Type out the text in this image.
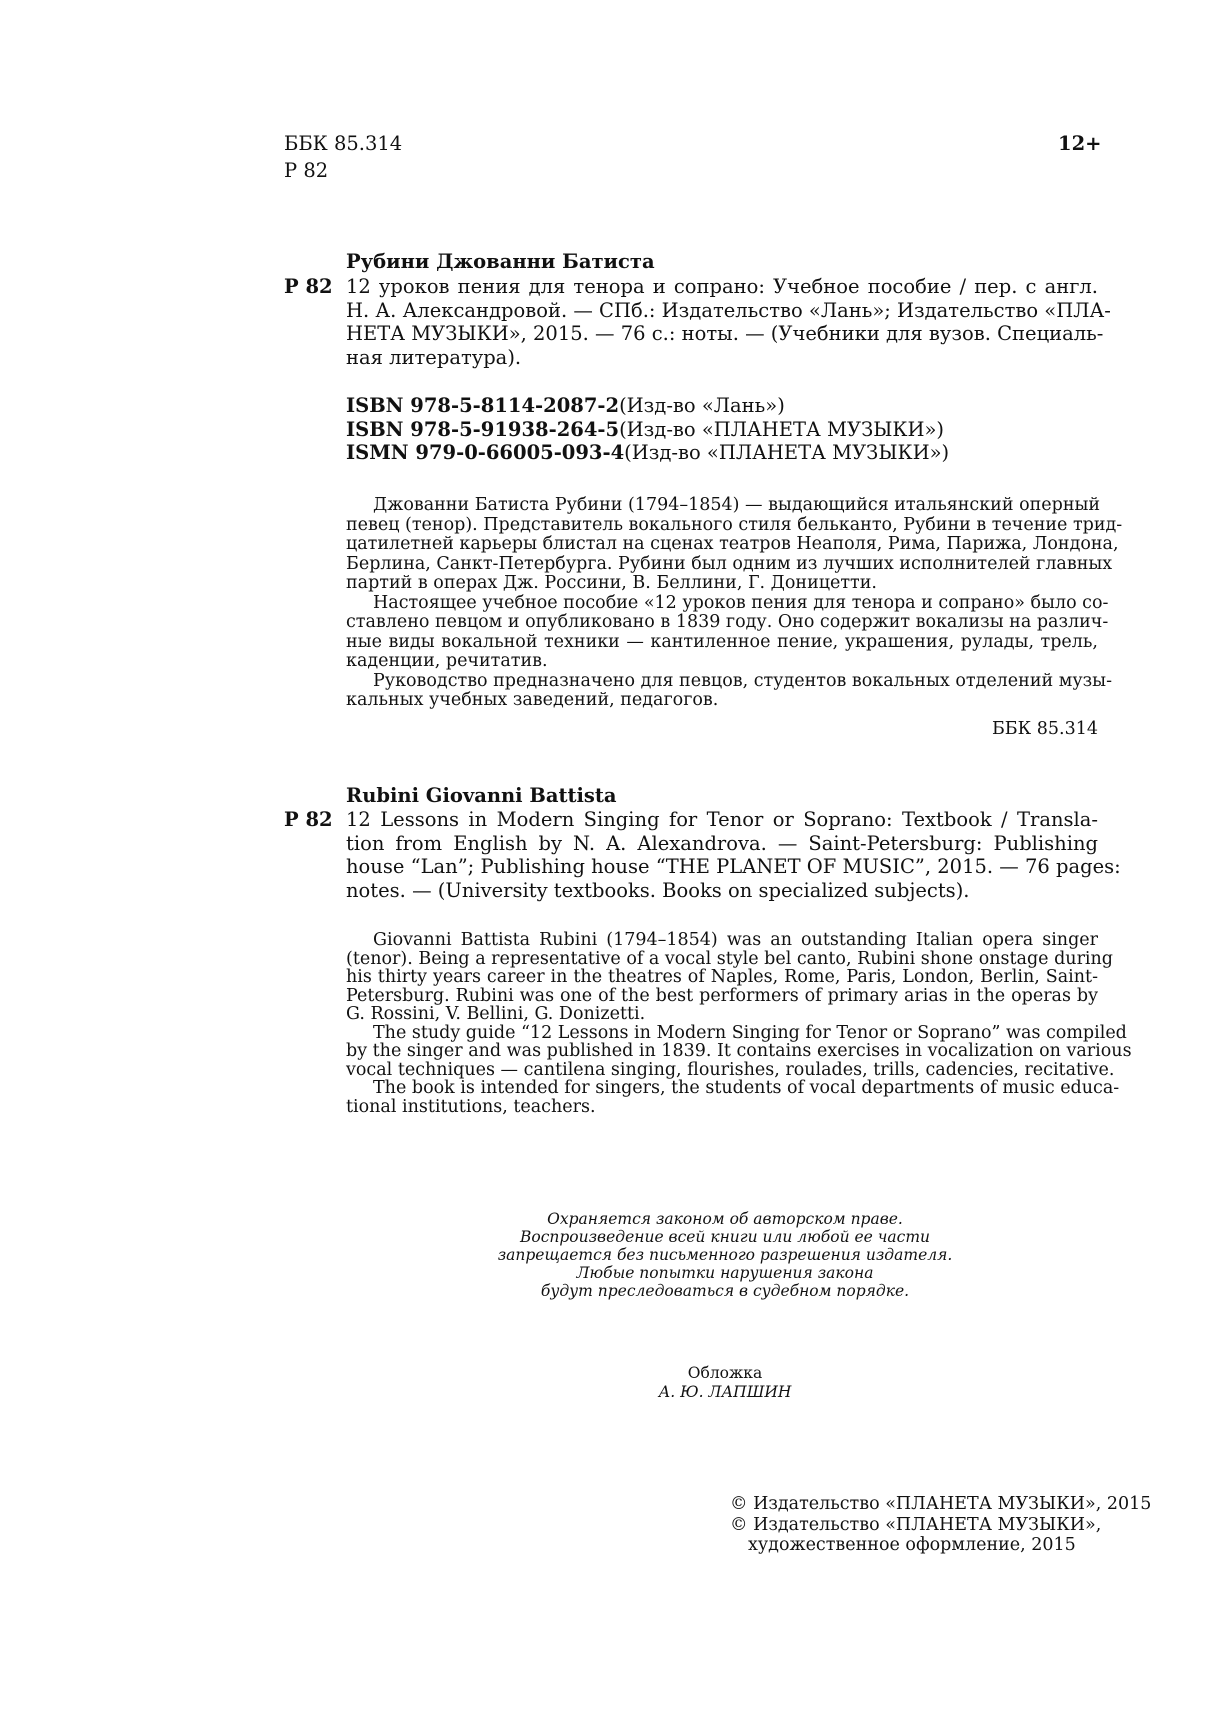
ББК 85.314
Р 82
12+
Рубини Джованни Батиста
Р 82 12 уроков пения для тенора и сопрано: Учебное пособие / пер. с англ.
Н. А. Александровой. — СПб.: Издательство «Лань»; Издательство «ПЛА-
НЕТА МУЗЫКИ», 2015. — 76 с.: ноты. — (Учебники для вузов. Специаль-
ная литература).
ISBN 978-5-8114-2087-2(Изд-во «Лань»)
ISBN 978-5-91938-264-5(Изд-во «ПЛАНЕТА МУЗЫКИ»)
ISMN 979-0-66005-093-4(Изд-во «ПЛАНЕТА МУЗЫКИ»)
Джованни Батиста Рубини (1794–1854) — выдающийся итальянский оперный
певец (тенор). Представитель вокального стиля бельканто, Рубини в течение трид-
цатилетней карьеры блистал на сценах театров Неаполя, Рима, Парижа, Лондона,
Берлина, Санкт-Петербурга. Рубини был одним из лучших исполнителей главных
партий в операх Дж. Россини, В. Беллини, Г. Доницетти.
Настоящее учебное пособие «12 уроков пения для тенора и сопрано» было со-
ставлено певцом и опубликовано в 1839 году. Оно содержит вокализы на различ-
ные виды вокальной техники — кантиленное пение, украшения, рулады, трель,
каденции, речитатив.
Руководство предназначено для певцов, студентов вокальных отделений музы-
кальных учебных заведений, педагогов.
ББК 85.314
Rubini Giovanni Battista
Р 82 12 Lessons in Modern Singing for Tenor or Soprano: Textbook / Transla-
tion from English by N. A. Alexandrova. — Saint-Petersburg: Publishing
house “Lan”; Publishing house “THE PLANET OF MUSIC”, 2015. — 76 pages:
notes. — (University textbooks. Books on specialized subjects).
Giovanni Battista Rubini (1794–1854) was an outstanding Italian opera singer
(tenor). Being a representative of a vocal style bel canto, Rubini shone onstage during
his thirty years career in the theatres of Naples, Rome, Paris, London, Berlin, Saint-
Petersburg. Rubini was one of the best performers of primary arias in the operas by
G. Rossini, V. Bellini, G. Donizetti.
The study guide “12 Lessons in Modern Singing for Tenor or Soprano” was compiled
by the singer and was published in 1839. It contains exercises in vocalization on various
vocal techniques — cantilena singing, flourishes, roulades, trills, cadencies, recitative.
The book is intended for singers, the students of vocal departments of music educa-
tional institutions, teachers.
Охраняется законом об авторском праве.
Воспроизведение всей книги или любой ее части
запрещается без письменного разрешения издателя.
Любые попытки нарушения закона
будут преследоваться в судебном порядке.
Обложка
А. Ю. ЛАПШИН
© Издательство «ПЛАНЕТА МУЗЫКИ», 2015
© Издательство «ПЛАНЕТА МУЗЫКИ»,
художественное оформление, 2015
